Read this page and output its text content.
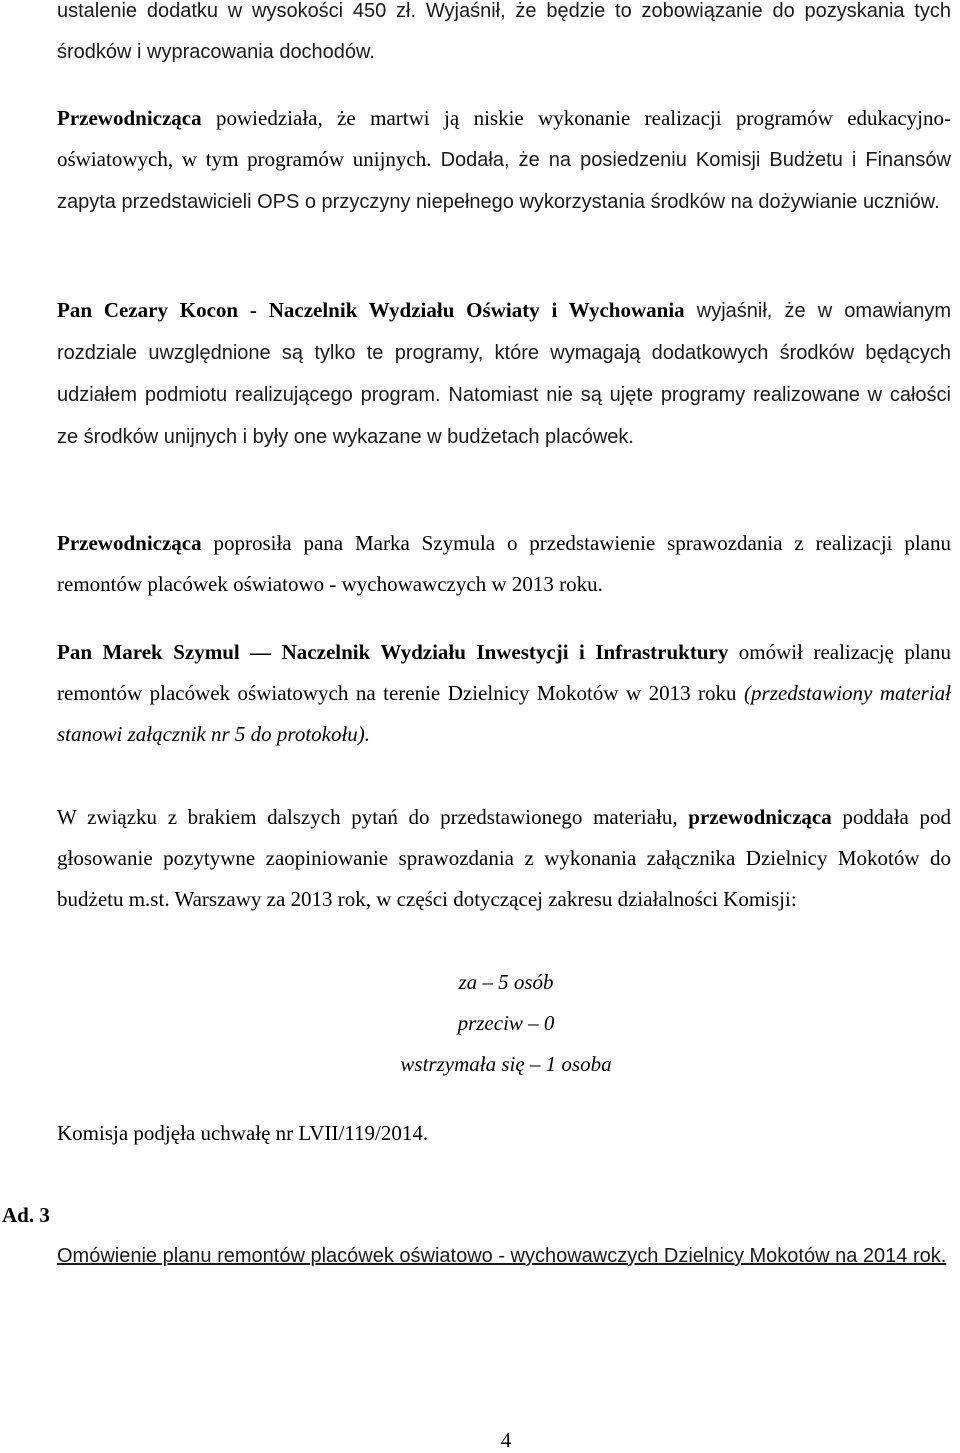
ustalenie dodatku w wysokości 450 zł. Wyjaśnił, że będzie to zobowiązanie do pozyskania tych środków i wypracowania dochodów.

Przewodnicząca powiedziała, że martwi ją niskie wykonanie realizacji programów edukacyjno-oświatowych, w tym programów unijnych. Dodała, że na posiedzeniu Komisji Budżetu i Finansów zapyta przedstawicieli OPS o przyczyny niepełnego wykorzystania środków na dożywianie uczniów.

Pan Cezary Kocon - Naczelnik Wydziału Oświaty i Wychowania wyjaśnił, że w omawianym rozdziale uwzględnione są tylko te programy, które wymagają dodatkowych środków będących udziałem podmiotu realizującego program. Natomiast nie są ujęte programy realizowane w całości ze środków unijnych i były one wykazane w budżetach placówek.

Przewodnicząca poprosiła pana Marka Szymula o przedstawienie sprawozdania z realizacji planu remontów placówek oświatowo - wychowawczych w 2013 roku.

Pan Marek Szymul — Naczelnik Wydziału Inwestycji i Infrastruktury omówił realizację planu remontów placówek oświatowych na terenie Dzielnicy Mokotów w 2013 roku (przedstawiony materiał stanowi załącznik nr 5 do protokołu).

W związku z brakiem dalszych pytań do przedstawionego materiału, przewodnicząca poddała pod głosowanie pozytywne zaopiniowanie sprawozdania z wykonania załącznika Dzielnicy Mokotów do budżetu m.st. Warszawy za 2013 rok, w części dotyczącej zakresu działalności Komisji:

za – 5 osób

przeciw – 0

wstrzymała się – 1 osoba

Komisja podjęła uchwałę nr LVII/119/2014.

Ad. 3

Omówienie planu remontów placówek oświatowo - wychowawczych Dzielnicy Mokotów na 2014 rok.

4
